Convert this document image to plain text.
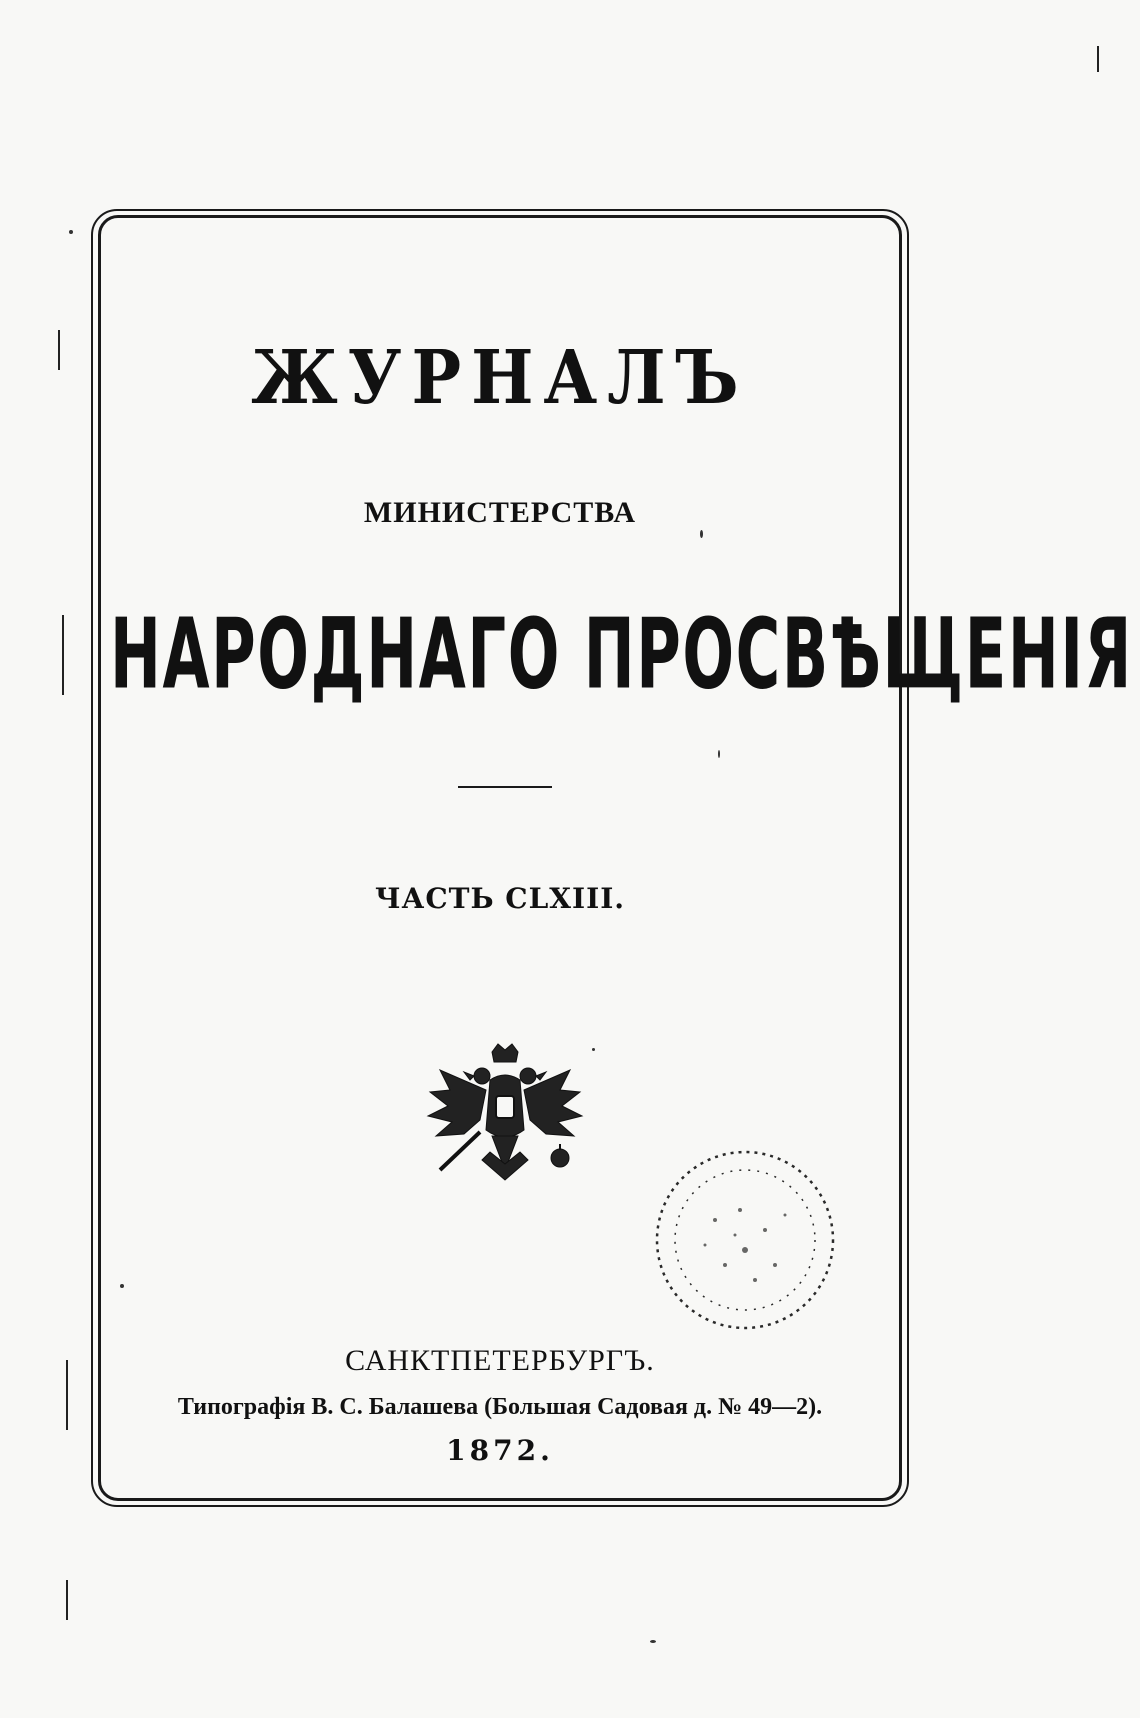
ЖУРНАЛЪ
МИНИСТЕРСТВА
НАРОДНАГО ПРОСВѢЩЕНІЯ
ЧАСТЬ CLXIII.
САНКТПЕТЕРБУРГЪ.
Типографія В. С. Балашева (Большая Садовая д. № 49—2).
1872.
